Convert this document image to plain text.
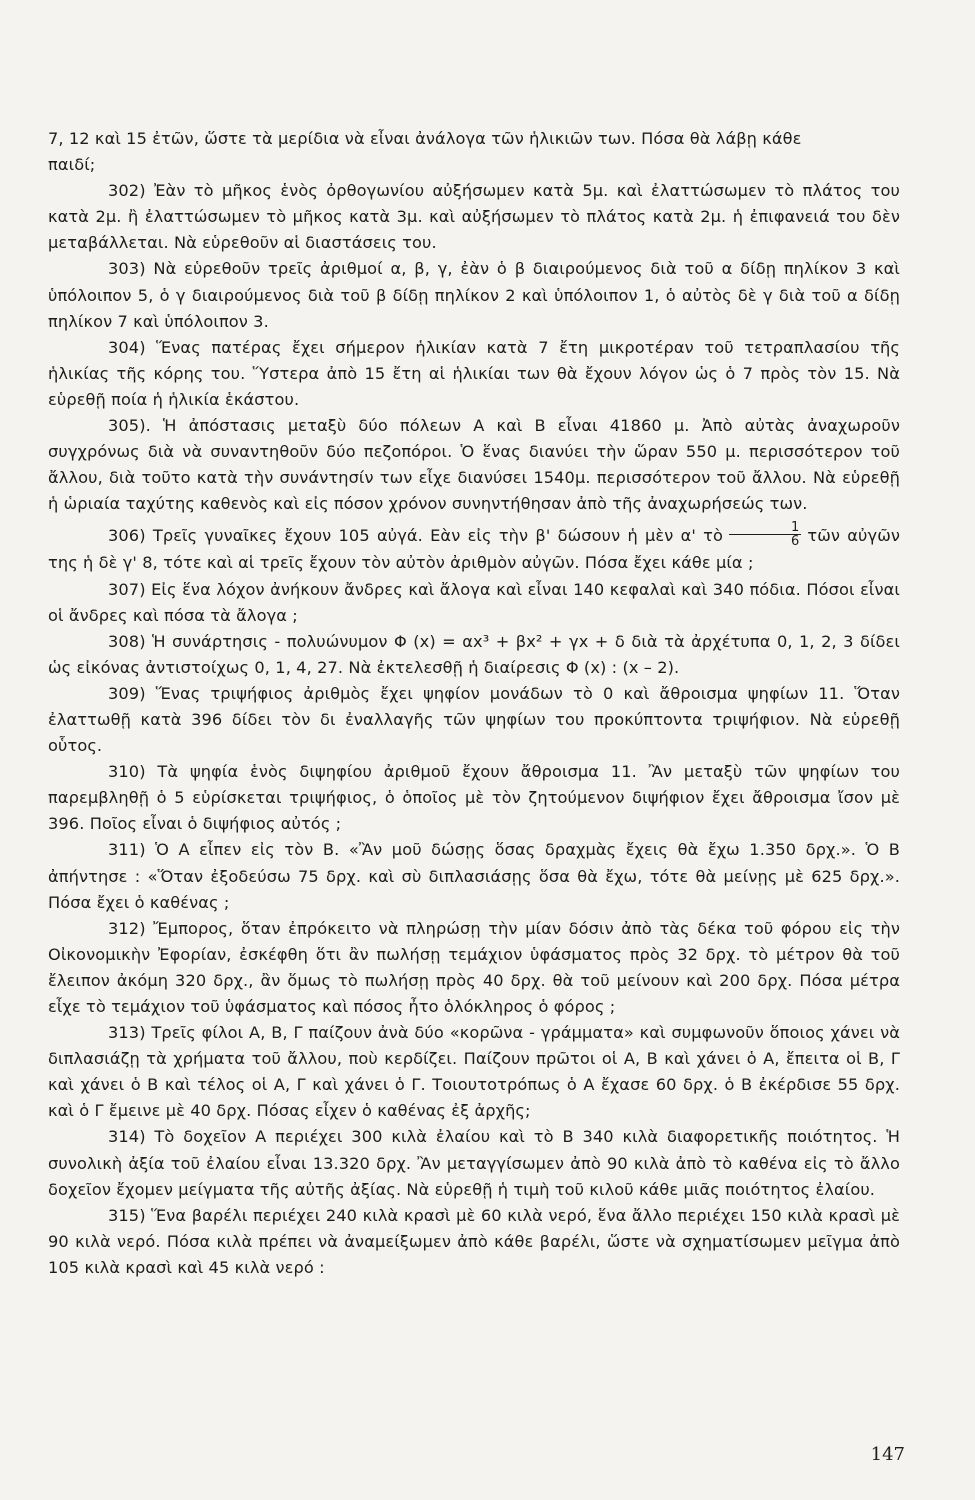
7, 12 καὶ 15 ἐτῶν, ὥστε τὰ μερίδια νὰ εἶναι ἀνάλογα τῶν ἡλικιῶν των. Πόσα θὰ λάβῃ κάθε

παιδί;

302) Ἐὰν τὸ μῆκος ἑνὸς ὀρθογωνίου αὐξήσωμεν κατὰ 5μ. καὶ ἐλαττώσωμεν τὸ πλάτος του κατὰ 2μ. ἢ ἐλαττώσωμεν τὸ μῆκος κατὰ 3μ. καὶ αὐξήσωμεν τὸ πλάτος κατὰ 2μ. ἡ ἐπιφανειά του δὲν μεταβάλλεται. Νὰ εὑρεθοῦν αἱ διαστάσεις του.

303) Νὰ εὑρεθοῦν τρεῖς ἀριθμοί α, β, γ, ἐὰν ὁ β διαιρούμενος διὰ τοῦ α δίδῃ πηλίκον 3 καὶ ὑπόλοιπον 5, ὁ γ διαιρούμενος διὰ τοῦ β δίδῃ πηλίκον 2 καὶ ὑπόλοιπον 1, ὁ αὐτὸς δὲ γ διὰ τοῦ α δίδῃ πηλίκον 7 καὶ ὑπόλοιπον 3.

304) Ἕνας πατέρας ἔχει σήμερον ἡλικίαν κατὰ 7 ἔτη μικροτέραν τοῦ τετραπλασίου τῆς ἡλικίας τῆς κόρης του. Ὕστερα ἀπὸ 15 ἔτη αἱ ἡλικίαι των θὰ ἔχουν λόγον ὡς ὁ 7 πρὸς τὸν 15. Νὰ εὑρεθῇ ποία ἡ ἡλικία ἑκάστου.

305). Ἡ ἀπόστασις μεταξὺ δύο πόλεων Α καὶ Β εἶναι 41860 μ. Ἀπὸ αὐτὰς ἀναχωροῦν συγχρόνως διὰ νὰ συναντηθοῦν δύο πεζοπόροι. Ὁ ἕνας διανύει τὴν ὥραν 550 μ. περισσότερον τοῦ ἄλλου, διὰ τοῦτο κατὰ τὴν συνάντησίν των εἶχε διανύσει 1540μ. περισσότερον τοῦ ἄλλου. Νὰ εὑρεθῇ ἡ ὡριαία ταχύτης καθενὸς καὶ εἰς πόσον χρόνον συνηντήθησαν ἀπὸ τῆς ἀναχωρήσεώς των.

306) Τρεῖς γυναῖκες ἔχουν 105 αὐγά. Εὰν εἰς τὴν β' δώσουν ἡ μὲν α' τὸ $\frac{1}{6}$ τῶν αὐγῶν της ἡ δὲ γ' 8, τότε καὶ αἱ τρεῖς ἔχουν τὸν αὐτὸν ἀριθμὸν αὐγῶν. Πόσα ἔχει κάθε μία ;

307) Εἰς ἕνα λόχον ἀνήκουν ἄνδρες καὶ ἄλογα καὶ εἶναι 140 κεφαλαὶ καὶ 340 πόδια. Πόσοι εἶναι οἱ ἄνδρες καὶ πόσα τὰ ἄλογα ;

308) Ἡ συνάρτησις - πολυώνυμον Φ (x) = αx³ + βx² + γx + δ διὰ τὰ ἀρχέτυπα 0, 1, 2, 3 δίδει ὡς εἰκόνας ἀντιστοίχως 0, 1, 4, 27. Νὰ ἐκτελεσθῇ ἡ διαίρεσις Φ (x) : (x – 2).

309) Ἕνας τριψήφιος ἀριθμὸς ἔχει ψηφίον μονάδων τὸ 0 καὶ ἄθροισμα ψηφίων 11. Ὅταν ἐλαττωθῇ κατὰ 396 δίδει τὸν δι ἐναλλαγῆς τῶν ψηφίων του προκύπτοντα τριψήφιον. Νὰ εὑρεθῇ οὗτος.

310) Τὰ ψηφία ἑνὸς διψηφίου ἀριθμοῦ ἔχουν ἄθροισμα 11. Ἂν μεταξὺ τῶν ψηφίων του παρεμβληθῇ ὁ 5 εὑρίσκεται τριψήφιος, ὁ ὁποῖος μὲ τὸν ζητούμενον διψήφιον ἔχει ἄθροισμα ἴσον μὲ 396. Ποῖος εἶναι ὁ διψήφιος αὐτός ;

311) Ὁ Α εἶπεν εἰς τὸν Β. «Ἂν μοῦ δώσῃς ὅσας δραχμὰς ἔχεις θὰ ἔχω 1.350 δρχ.». Ὁ Β ἀπήντησε : «Ὅταν ἐξοδεύσω 75 δρχ. καὶ σὺ διπλασιάσῃς ὅσα θὰ ἔχω, τότε θὰ μείνῃς μὲ 625 δρχ.». Πόσα ἔχει ὁ καθένας ;

312) Ἔμπορος, ὅταν ἐπρόκειτο νὰ πληρώσῃ τὴν μίαν δόσιν ἀπὸ τὰς δέκα τοῦ φόρου εἰς τὴν Οἰκονομικὴν Ἐφορίαν, ἐσκέφθη ὅτι ἂν πωλήσῃ τεμάχιον ὑφάσματος πρὸς 32 δρχ. τὸ μέτρον θὰ τοῦ ἔλειπον ἀκόμη 320 δρχ., ἂν ὅμως τὸ πωλήσῃ πρὸς 40 δρχ. θὰ τοῦ μείνουν καὶ 200 δρχ. Πόσα μέτρα εἶχε τὸ τεμάχιον τοῦ ὑφάσματος καὶ πόσος ἦτο ὁλόκληρος ὁ φόρος ;

313) Τρεῖς φίλοι Α, Β, Γ παίζουν ἀνὰ δύο «κορῶνα - γράμματα» καὶ συμφωνοῦν ὅποιος χάνει νὰ διπλασιάζῃ τὰ χρήματα τοῦ ἄλλου, ποὺ κερδίζει. Παίζουν πρῶτοι οἱ Α, Β καὶ χάνει ὁ Α, ἔπειτα οἱ Β, Γ καὶ χάνει ὁ Β καὶ τέλος οἱ Α, Γ καὶ χάνει ὁ Γ. Τοιουτοτρόπως ὁ Α ἔχασε 60 δρχ. ὁ Β ἐκέρδισε 55 δρχ. καὶ ὁ Γ ἔμεινε μὲ 40 δρχ. Πόσας εἶχεν ὁ καθένας ἐξ ἀρχῆς;

314) Τὸ δοχεῖον Α περιέχει 300 κιλὰ ἐλαίου καὶ τὸ Β 340 κιλὰ διαφορετικῆς ποιότητος. Ἡ συνολικὴ ἀξία τοῦ ἐλαίου εἶναι 13.320 δρχ. Ἂν μεταγγίσωμεν ἀπὸ 90 κιλὰ ἀπὸ τὸ καθένα εἰς τὸ ἄλλο δοχεῖον ἔχομεν μείγματα τῆς αὐτῆς ἀξίας. Νὰ εὑρεθῇ ἡ τιμὴ τοῦ κιλοῦ κάθε μιᾶς ποιότητος ἐλαίου.

315) Ἕνα βαρέλι περιέχει 240 κιλὰ κρασὶ μὲ 60 κιλὰ νερό, ἕνα ἄλλο περιέχει 150 κιλὰ κρασὶ μὲ 90 κιλὰ νερό. Πόσα κιλὰ πρέπει νὰ ἀναμείξωμεν ἀπὸ κάθε βαρέλι, ὥστε νὰ σχηματίσωμεν μεῖγμα ἀπὸ 105 κιλὰ κρασὶ καὶ 45 κιλὰ νερό :

147
